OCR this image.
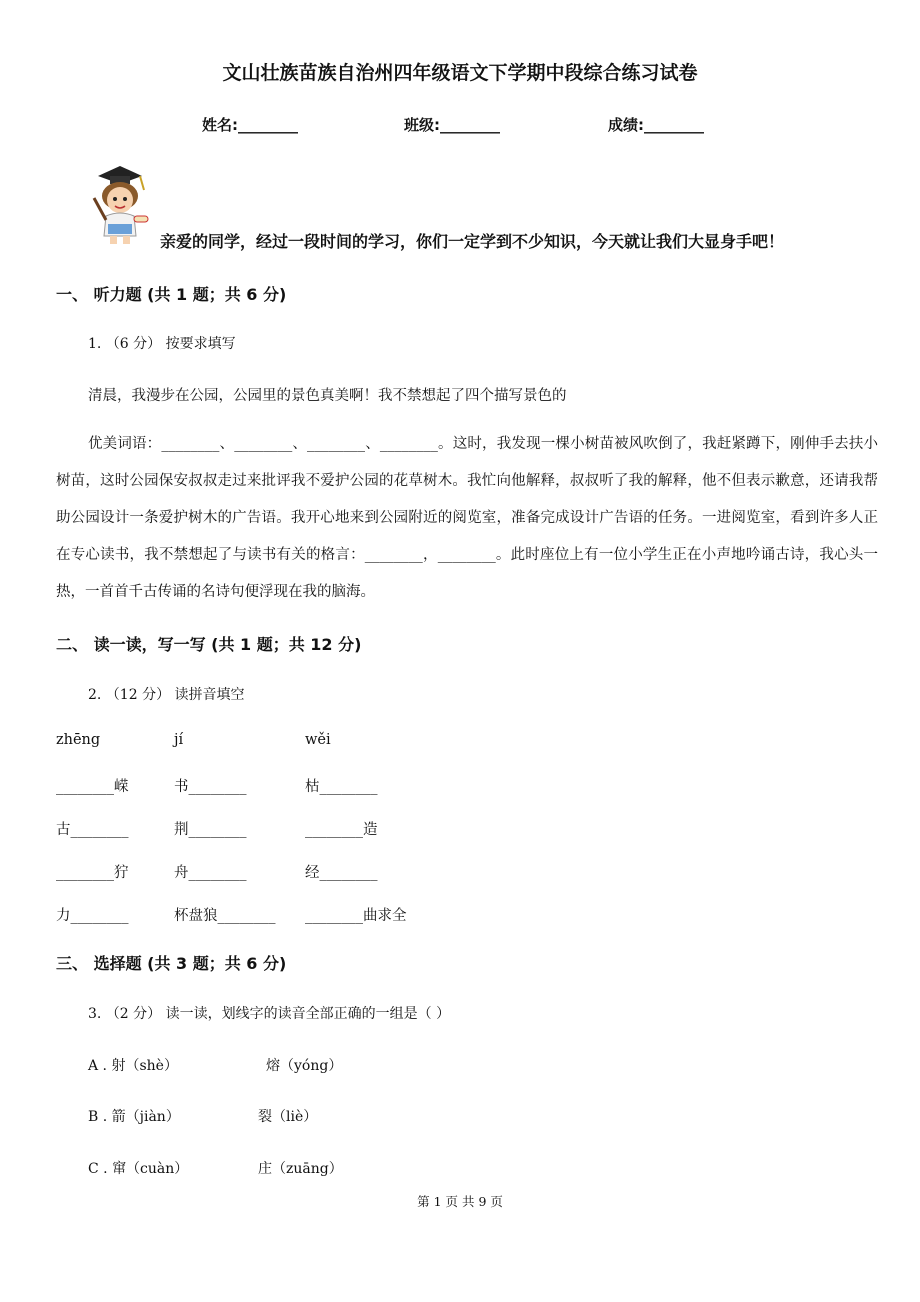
文山壮族苗族自治州四年级语文下学期中段综合练习试卷
姓名:________	班级:________	成绩:________
亲爱的同学，经过一段时间的学习，你们一定学到不少知识，今天就让我们大显身手吧！
一、 听力题 (共 1 题；共 6 分)
1. （6 分） 按要求填写
清晨，我漫步在公园，公园里的景色真美啊！我不禁想起了四个描写景色的
优美词语：________、________、________、________。这时，我发现一棵小树苗被风吹倒了，我赶紧蹲下，刚伸手去扶小树苗，这时公园保安叔叔走过来批评我不爱护公园的花草树木。我忙向他解释，叔叔听了我的解释，他不但表示歉意，还请我帮助公园设计一条爱护树木的广告语。我开心地来到公园附近的阅览室，准备完成设计广告语的任务。一进阅览室，看到许多人正在专心读书，我不禁想起了与读书有关的格言：________，________。此时座位上有一位小学生正在小声地吟诵古诗，我心头一热，一首首千古传诵的名诗句便浮现在我的脑海。
二、 读一读，写一写 (共 1 题；共 12 分)
2. （12 分） 读拼音填空
zhēng	jí	wěi
________嵘	书________	枯________
古________	荆________	________造
________狞	舟________	经________
力________	杯盘狼________ ________曲求全
三、 选择题 (共 3 题；共 6 分)
3. （2 分） 读一读，划线字的读音全部正确的一组是（ ）
A . 射（shè）	熔（yóng）
B . 箭（jiàn）	裂（liè）
C . 窜（cuàn）	庄（zuāng）
第 1 页 共 9 页
